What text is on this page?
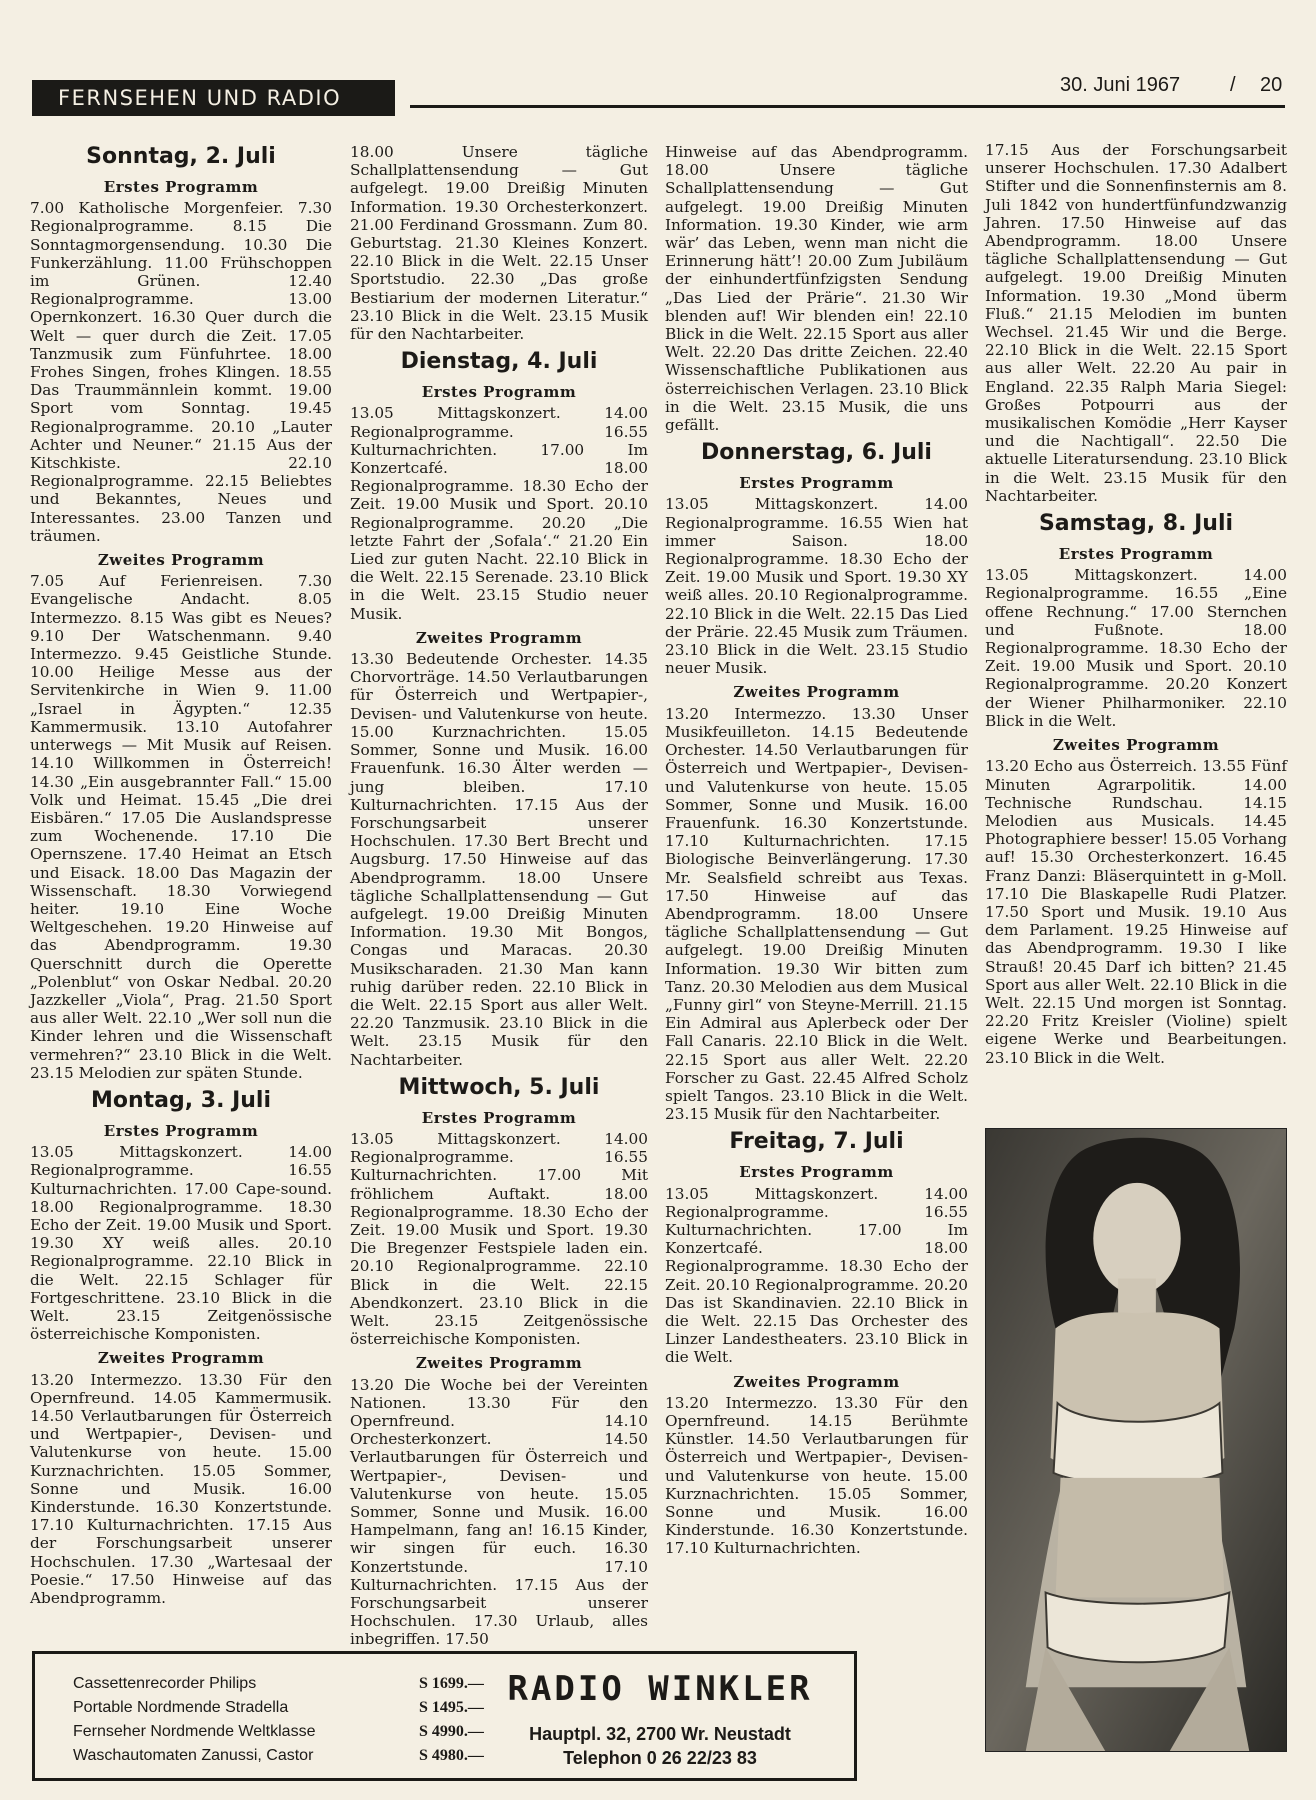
FERNSEHEN UND RADIO
30. Juni 1967 / 20
Sonntag, 2. Juli
Erstes Programm
7.00 Katholische Morgenfeier. 7.30 Regionalprogramme. 8.15 Die Sonntagmorgensendung. 10.30 Die Funkerzählung. 11.00 Frühschoppen im Grünen. 12.40 Regionalprogramme. 13.00 Opernkonzert. 16.30 Quer durch die Welt — quer durch die Zeit. 17.05 Tanzmusik zum Fünfuhrtee. 18.00 Frohes Singen, frohes Klingen. 18.55 Das Traummännlein kommt. 19.00 Sport vom Sonntag. 19.45 Regionalprogramme. 20.10 „Lauter Achter und Neuner.“ 21.15 Aus der Kitschkiste. 22.10 Regionalprogramme. 22.15 Beliebtes und Bekanntes, Neues und Interessantes. 23.00 Tanzen und träumen.
Zweites Programm
7.05 Auf Ferienreisen. 7.30 Evangelische Andacht. 8.05 Intermezzo. 8.15 Was gibt es Neues? 9.10 Der Watschenmann. 9.40 Intermezzo. 9.45 Geistliche Stunde. 10.00 Heilige Messe aus der Servitenkirche in Wien 9. 11.00 „Israel in Ägypten.“ 12.35 Kammermusik. 13.10 Autofahrer unterwegs — Mit Musik auf Reisen. 14.10 Willkommen in Österreich! 14.30 „Ein ausgebrannter Fall.“ 15.00 Volk und Heimat. 15.45 „Die drei Eisbären.“ 17.05 Die Auslandspresse zum Wochenende. 17.10 Die Opernszene. 17.40 Heimat an Etsch und Eisack. 18.00 Das Magazin der Wissenschaft. 18.30 Vorwiegend heiter. 19.10 Eine Woche Weltgeschehen. 19.20 Hinweise auf das Abendprogramm. 19.30 Querschnitt durch die Operette „Polenblut“ von Oskar Nedbal. 20.20 Jazzkeller „Viola“, Prag. 21.50 Sport aus aller Welt. 22.10 „Wer soll nun die Kinder lehren und die Wissenschaft vermehren?“ 23.10 Blick in die Welt. 23.15 Melodien zur späten Stunde.
Montag, 3. Juli
Erstes Programm
13.05 Mittagskonzert. 14.00 Regionalprogramme. 16.55 Kulturnachrichten. 17.00 Cape-sound. 18.00 Regionalprogramme. 18.30 Echo der Zeit. 19.00 Musik und Sport. 19.30 XY weiß alles. 20.10 Regionalprogramme. 22.10 Blick in die Welt. 22.15 Schlager für Fortgeschrittene. 23.10 Blick in die Welt. 23.15 Zeitgenössische österreichische Komponisten.
Zweites Programm
13.20 Intermezzo. 13.30 Für den Opernfreund. 14.05 Kammermusik. 14.50 Verlautbarungen für Österreich und Wertpapier-, Devisen- und Valutenkurse von heute. 15.00 Kurznachrichten. 15.05 Sommer, Sonne und Musik. 16.00 Kinderstunde. 16.30 Konzertstunde. 17.10 Kulturnachrichten. 17.15 Aus der Forschungsarbeit unserer Hochschulen. 17.30 „Wartesaal der Poesie.“ 17.50 Hinweise auf das Abendprogramm.
18.00 Unsere tägliche Schallplattensendung — Gut aufgelegt. 19.00 Dreißig Minuten Information. 19.30 Orchesterkonzert. 21.00 Ferdinand Grossmann. Zum 80. Geburtstag. 21.30 Kleines Konzert. 22.10 Blick in die Welt. 22.15 Unser Sportstudio. 22.30 „Das große Bestiarium der modernen Literatur.“ 23.10 Blick in die Welt. 23.15 Musik für den Nachtarbeiter.
Dienstag, 4. Juli
Erstes Programm
13.05 Mittagskonzert. 14.00 Regionalprogramme. 16.55 Kulturnachrichten. 17.00 Im Konzertcafé. 18.00 Regionalprogramme. 18.30 Echo der Zeit. 19.00 Musik und Sport. 20.10 Regionalprogramme. 20.20 „Die letzte Fahrt der ‚Sofala‘.“ 21.20 Ein Lied zur guten Nacht. 22.10 Blick in die Welt. 22.15 Serenade. 23.10 Blick in die Welt. 23.15 Studio neuer Musik.
Zweites Programm
13.30 Bedeutende Orchester. 14.35 Chorvorträge. 14.50 Verlautbarungen für Österreich und Wertpapier-, Devisen- und Valutenkurse von heute. 15.00 Kurznachrichten. 15.05 Sommer, Sonne und Musik. 16.00 Frauenfunk. 16.30 Älter werden — jung bleiben. 17.10 Kulturnachrichten. 17.15 Aus der Forschungsarbeit unserer Hochschulen. 17.30 Bert Brecht und Augsburg. 17.50 Hinweise auf das Abendprogramm. 18.00 Unsere tägliche Schallplattensendung — Gut aufgelegt. 19.00 Dreißig Minuten Information. 19.30 Mit Bongos, Congas und Maracas. 20.30 Musikscharaden. 21.30 Man kann ruhig darüber reden. 22.10 Blick in die Welt. 22.15 Sport aus aller Welt. 22.20 Tanzmusik. 23.10 Blick in die Welt. 23.15 Musik für den Nachtarbeiter.
Mittwoch, 5. Juli
Erstes Programm
13.05 Mittagskonzert. 14.00 Regionalprogramme. 16.55 Kulturnachrichten. 17.00 Mit fröhlichem Auftakt. 18.00 Regionalprogramme. 18.30 Echo der Zeit. 19.00 Musik und Sport. 19.30 Die Bregenzer Festspiele laden ein. 20.10 Regionalprogramme. 22.10 Blick in die Welt. 22.15 Abendkonzert. 23.10 Blick in die Welt. 23.15 Zeitgenössische österreichische Komponisten.
Zweites Programm
13.20 Die Woche bei der Vereinten Nationen. 13.30 Für den Opernfreund. 14.10 Orchesterkonzert. 14.50 Verlautbarungen für Österreich und Wertpapier-, Devisen- und Valutenkurse von heute. 15.05 Sommer, Sonne und Musik. 16.00 Hampelmann, fang an! 16.15 Kinder, wir singen für euch. 16.30 Konzertstunde. 17.10 Kulturnachrichten. 17.15 Aus der Forschungsarbeit unserer Hochschulen. 17.30 Urlaub, alles inbegriffen. 17.50
Hinweise auf das Abendprogramm. 18.00 Unsere tägliche Schallplattensendung — Gut aufgelegt. 19.00 Dreißig Minuten Information. 19.30 Kinder, wie arm wär’ das Leben, wenn man nicht die Erinnerung hätt’! 20.00 Zum Jubiläum der einhundertfünfzigsten Sendung „Das Lied der Prärie“. 21.30 Wir blenden auf! Wir blenden ein! 22.10 Blick in die Welt. 22.15 Sport aus aller Welt. 22.20 Das dritte Zeichen. 22.40 Wissenschaftliche Publikationen aus österreichischen Verlagen. 23.10 Blick in die Welt. 23.15 Musik, die uns gefällt.
Donnerstag, 6. Juli
Erstes Programm
13.05 Mittagskonzert. 14.00 Regionalprogramme. 16.55 Wien hat immer Saison. 18.00 Regionalprogramme. 18.30 Echo der Zeit. 19.00 Musik und Sport. 19.30 XY weiß alles. 20.10 Regionalprogramme. 22.10 Blick in die Welt. 22.15 Das Lied der Prärie. 22.45 Musik zum Träumen. 23.10 Blick in die Welt. 23.15 Studio neuer Musik.
Zweites Programm
13.20 Intermezzo. 13.30 Unser Musikfeuilleton. 14.15 Bedeutende Orchester. 14.50 Verlautbarungen für Österreich und Wertpapier-, Devisen- und Valutenkurse von heute. 15.05 Sommer, Sonne und Musik. 16.00 Frauenfunk. 16.30 Konzertstunde. 17.10 Kulturnachrichten. 17.15 Biologische Beinverlängerung. 17.30 Mr. Sealsfield schreibt aus Texas. 17.50 Hinweise auf das Abendprogramm. 18.00 Unsere tägliche Schallplattensendung — Gut aufgelegt. 19.00 Dreißig Minuten Information. 19.30 Wir bitten zum Tanz. 20.30 Melodien aus dem Musical „Funny girl“ von Steyne-Merrill. 21.15 Ein Admiral aus Aplerbeck oder Der Fall Canaris. 22.10 Blick in die Welt. 22.15 Sport aus aller Welt. 22.20 Forscher zu Gast. 22.45 Alfred Scholz spielt Tangos. 23.10 Blick in die Welt. 23.15 Musik für den Nachtarbeiter.
Freitag, 7. Juli
Erstes Programm
13.05 Mittagskonzert. 14.00 Regionalprogramme. 16.55 Kulturnachrichten. 17.00 Im Konzertcafé. 18.00 Regionalprogramme. 18.30 Echo der Zeit. 20.10 Regionalprogramme. 20.20 Das ist Skandinavien. 22.10 Blick in die Welt. 22.15 Das Orchester des Linzer Landestheaters. 23.10 Blick in die Welt.
Zweites Programm
13.20 Intermezzo. 13.30 Für den Opernfreund. 14.15 Berühmte Künstler. 14.50 Verlautbarungen für Österreich und Wertpapier-, Devisen- und Valutenkurse von heute. 15.00 Kurznachrichten. 15.05 Sommer, Sonne und Musik. 16.00 Kinderstunde. 16.30 Konzertstunde. 17.10 Kulturnachrichten.
17.15 Aus der Forschungsarbeit unserer Hochschulen. 17.30 Adalbert Stifter und die Sonnenfinsternis am 8. Juli 1842 von hundertfünfundzwanzig Jahren. 17.50 Hinweise auf das Abendprogramm. 18.00 Unsere tägliche Schallplattensendung — Gut aufgelegt. 19.00 Dreißig Minuten Information. 19.30 „Mond überm Fluß.“ 21.15 Melodien im bunten Wechsel. 21.45 Wir und die Berge. 22.10 Blick in die Welt. 22.15 Sport aus aller Welt. 22.20 Au pair in England. 22.35 Ralph Maria Siegel: Großes Potpourri aus der musikalischen Komödie „Herr Kayser und die Nachtigall“. 22.50 Die aktuelle Literatursendung. 23.10 Blick in die Welt. 23.15 Musik für den Nachtarbeiter.
Samstag, 8. Juli
Erstes Programm
13.05 Mittagskonzert. 14.00 Regionalprogramme. 16.55 „Eine offene Rechnung.“ 17.00 Sternchen und Fußnote. 18.00 Regionalprogramme. 18.30 Echo der Zeit. 19.00 Musik und Sport. 20.10 Regionalprogramme. 20.20 Konzert der Wiener Philharmoniker. 22.10 Blick in die Welt.
Zweites Programm
13.20 Echo aus Österreich. 13.55 Fünf Minuten Agrarpolitik. 14.00 Technische Rundschau. 14.15 Melodien aus Musicals. 14.45 Photographiere besser! 15.05 Vorhang auf! 15.30 Orchesterkonzert. 16.45 Franz Danzi: Bläserquintett in g-Moll. 17.10 Die Blaskapelle Rudi Platzer. 17.50 Sport und Musik. 19.10 Aus dem Parlament. 19.25 Hinweise auf das Abendprogramm. 19.30 I like Strauß! 20.45 Darf ich bitten? 21.45 Sport aus aller Welt. 22.10 Blick in die Welt. 22.15 Und morgen ist Sonntag. 22.20 Fritz Kreisler (Violine) spielt eigene Werke und Bearbeitungen. 23.10 Blick in die Welt.
Cassettenrecorder Philips	S 1699.—
Portable Nordmende Stradella	S 1495.—
Fernseher Nordmende Weltklasse	S 4990.—
Waschautomaten Zanussi, Castor	S 4980.—
RADIO WINKLER
Hauptpl. 32, 2700 Wr. Neustadt
Telephon 0 26 22/23 83
